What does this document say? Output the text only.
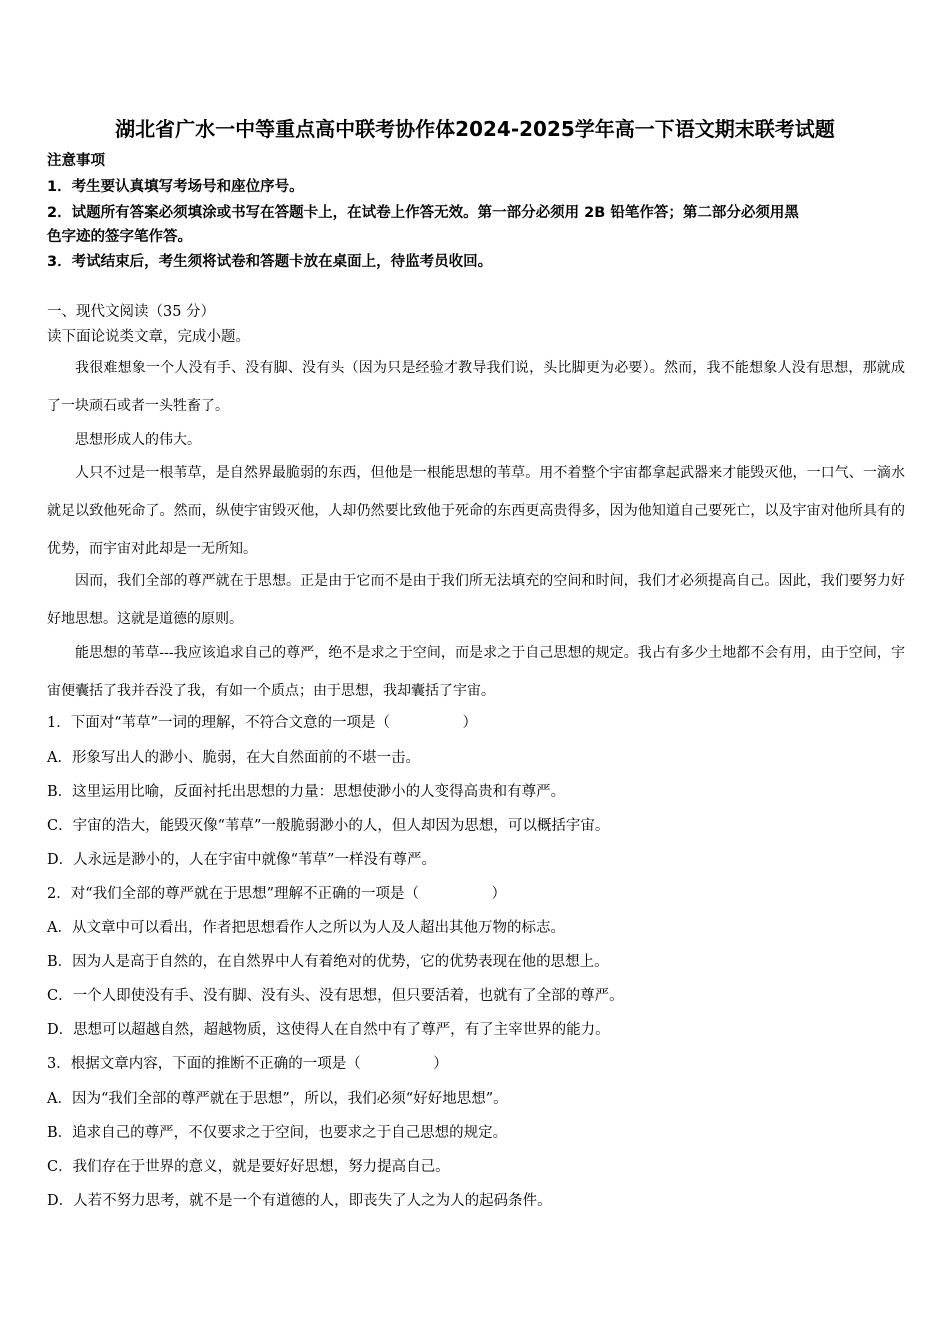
湖北省广水一中等重点高中联考协作体2024-2025学年高一下语文期末联考试题
注意事项
1．考生要认真填写考场号和座位序号。
2．试题所有答案必须填涂或书写在答题卡上，在试卷上作答无效。第一部分必须用 2B 铅笔作答；第二部分必须用黑
色字迹的签字笔作答。
3．考试结束后，考生须将试卷和答题卡放在桌面上，待监考员收回。
一、现代文阅读（35 分）
读下面论说类文章，完成小题。

我很难想象一个人没有手、没有脚、没有头（因为只是经验才教导我们说，头比脚更为必要）。然而，我不能想象人没有思想，那就成了一块顽石或者一头牲畜了。

思想形成人的伟大。

人只不过是一根苇草，是自然界最脆弱的东西，但他是一根能思想的苇草。用不着整个宇宙都拿起武器来才能毁灭他，一口气、一滴水就足以致他死命了。然而，纵使宇宙毁灭他，人却仍然要比致他于死命的东西更高贵得多，因为他知道自己要死亡，以及宇宙对他所具有的优势，而宇宙对此却是一无所知。

因而，我们全部的尊严就在于思想。正是由于它而不是由于我们所无法填充的空间和时间，我们才必须提高自己。因此，我们要努力好好地思想。这就是道德的原则。

能思想的苇草---我应该追求自己的尊严，绝不是求之于空间，而是求之于自己思想的规定。我占有多少土地都不会有用，由于空间，宇宙便囊括了我并吞没了我，有如一个质点；由于思想，我却囊括了宇宙。

1．下面对“苇草”一词的理解，不符合文意的一项是（　　　　　）
A．形象写出人的渺小、脆弱，在大自然面前的不堪一击。
B．这里运用比喻，反面衬托出思想的力量：思想使渺小的人变得高贵和有尊严。
C．宇宙的浩大，能毁灭像“苇草”一般脆弱渺小的人，但人却因为思想，可以概括宇宙。
D．人永远是渺小的，人在宇宙中就像“苇草”一样没有尊严。
2．对“我们全部的尊严就在于思想”理解不正确的一项是（　　　　　）
A．从文章中可以看出，作者把思想看作人之所以为人及人超出其他万物的标志。
B．因为人是高于自然的，在自然界中人有着绝对的优势，它的优势表现在他的思想上。
C．一个人即使没有手、没有脚、没有头、没有思想，但只要活着，也就有了全部的尊严。
D．思想可以超越自然，超越物质，这使得人在自然中有了尊严，有了主宰世界的能力。
3．根据文章内容，下面的推断不正确的一项是（　　　　　）
A．因为“我们全部的尊严就在于思想”，所以，我们必须“好好地思想”。
B．追求自己的尊严，不仅要求之于空间，也要求之于自己思想的规定。
C．我们存在于世界的意义，就是要好好思想，努力提高自己。
D．人若不努力思考，就不是一个有道德的人，即丧失了人之为人的起码条件。
